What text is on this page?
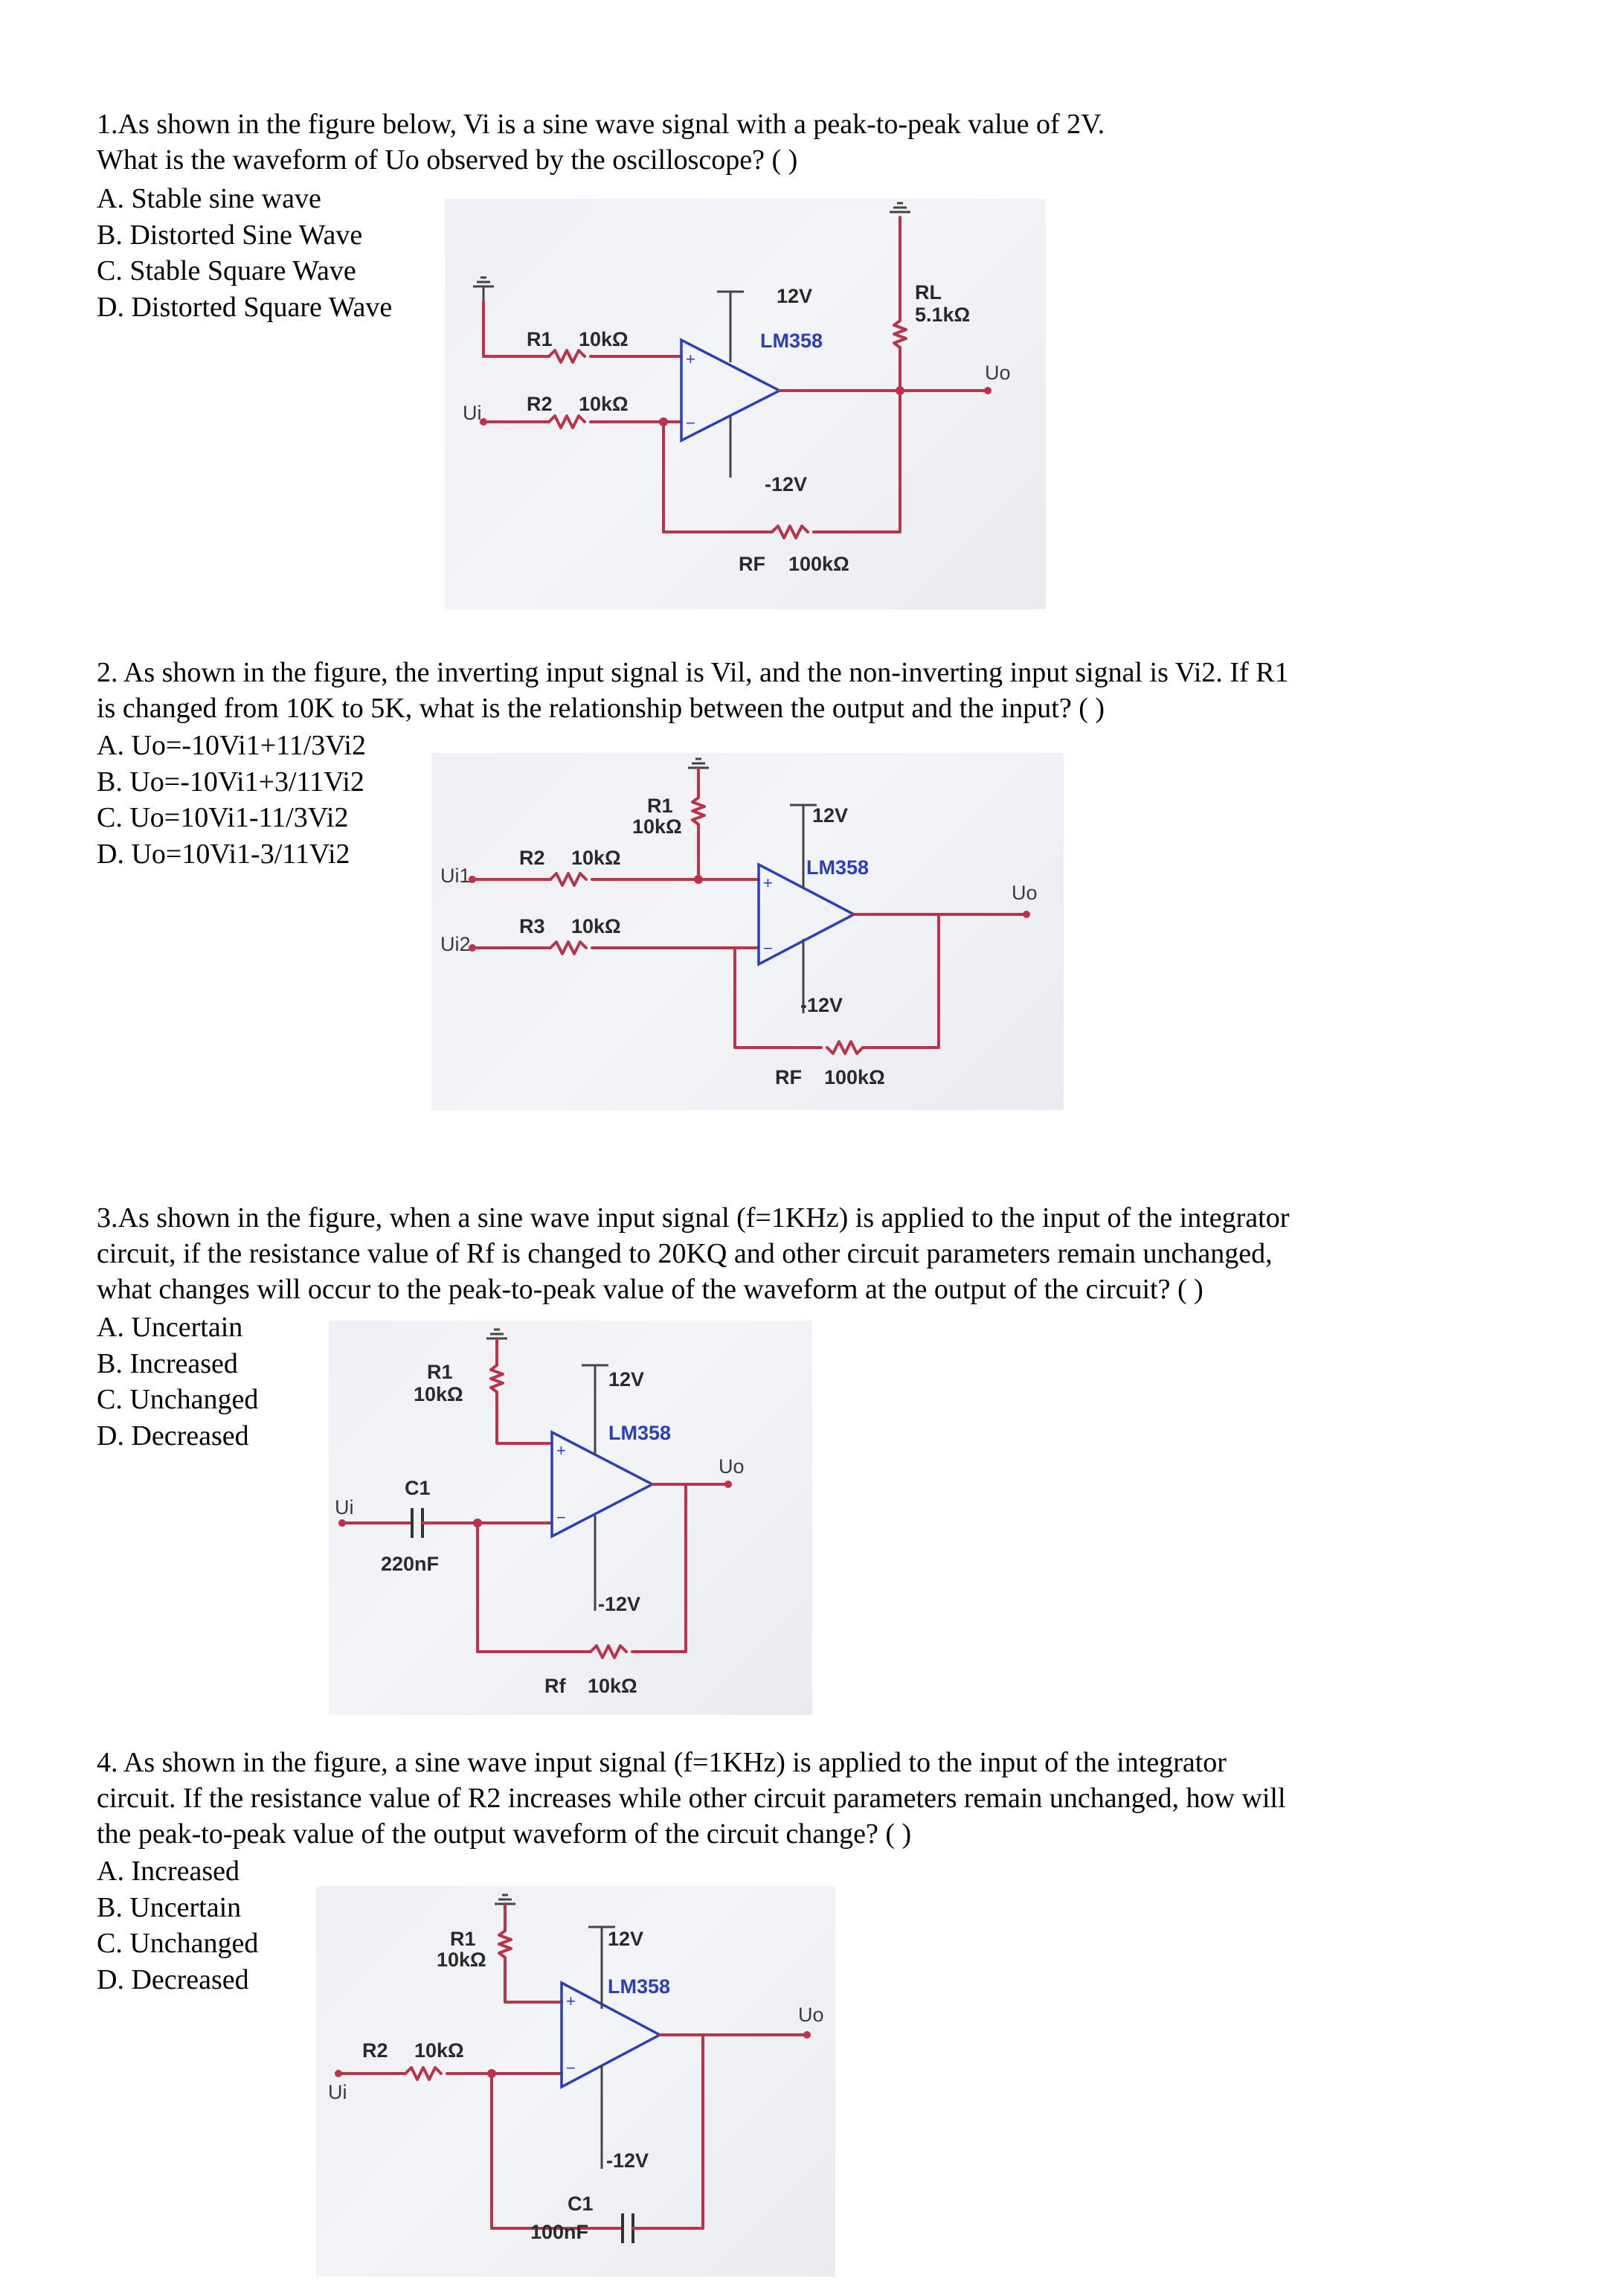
1.As shown in the figure below, Vi is a sine wave signal with a peak-to-peak value of 2V.

What is the waveform of Uo observed by the oscilloscope? ( )

A. Stable sine wave
B. Distorted Sine Wave
C. Stable Square Wave
D. Distorted Square Wave
R1 10kΩ
R2 10kΩ
RF 100kΩ
RL
5.1kΩ
12V
-12V
LM358
Ui
Uo
+
−

2. As shown in the figure, the inverting input signal is Vil, and the non-inverting input signal is Vi2. If R1

is changed from 10K to 5K, what is the relationship between the output and the input? ( )

A. Uo=-10Vi1+11/3Vi2
B. Uo=-10Vi1+3/11Vi2
C. Uo=10Vi1-11/3Vi2
D. Uo=10Vi1-3/11Vi2
R1
10kΩ
R2 10kΩ
R3 10kΩ
RF 100kΩ
12V
-12V
LM358
Ui1
Ui2
Uo
+
−

3.As shown in the figure, when a sine wave input signal (f=1KHz) is applied to the input of the integrator

circuit, if the resistance value of Rf is changed to 20KQ and other circuit parameters remain unchanged,

what changes will occur to the peak-to-peak value of the waveform at the output of the circuit? ( )

A. Uncertain
B. Increased
C. Unchanged
D. Decreased
R1
10kΩ
C1
220nF
Rf 10kΩ
12V
-12V
LM358
Ui
Uo
+
−

4. As shown in the figure, a sine wave input signal (f=1KHz) is applied to the input of the integrator

circuit. If the resistance value of R2 increases while other circuit parameters remain unchanged, how will

the peak-to-peak value of the output waveform of the circuit change? ( )

A. Increased
B. Uncertain
C. Unchanged
D. Decreased
R1
10kΩ
R2 10kΩ
C1
100nF
12V
-12V
LM358
Ui
Uo
+
−
